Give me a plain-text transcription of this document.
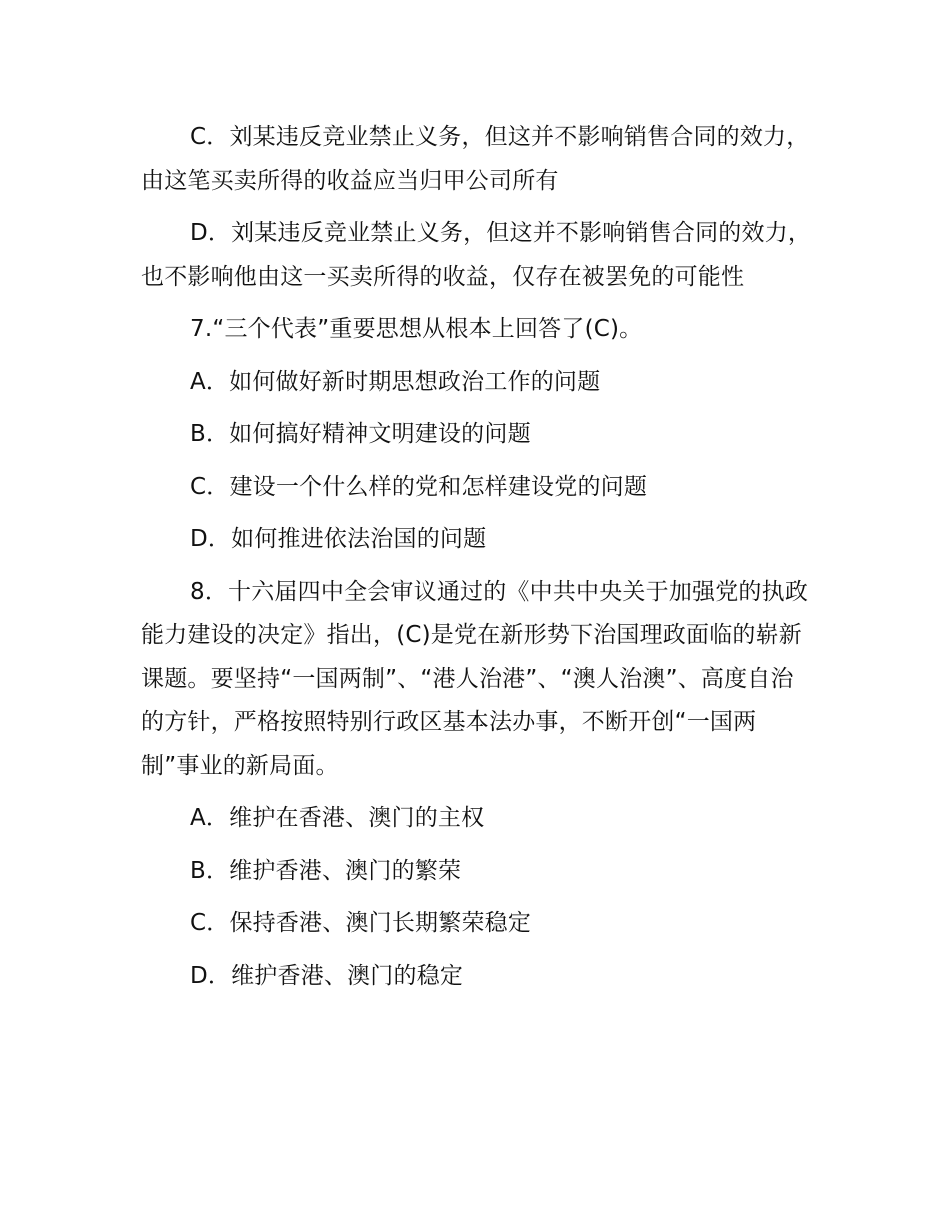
C．刘某违反竞业禁止义务，但这并不影响销售合同的效力，由这笔买卖所得的收益应当归甲公司所有

D．刘某违反竞业禁止义务，但这并不影响销售合同的效力，也不影响他由这一买卖所得的收益，仅存在被罢免的可能性

7.“三个代表”重要思想从根本上回答了(C)。

A．如何做好新时期思想政治工作的问题

B．如何搞好精神文明建设的问题

C．建设一个什么样的党和怎样建设党的问题

D．如何推进依法治国的问题

8．十六届四中全会审议通过的《中共中央关于加强党的执政能力建设的决定》指出，(C)是党在新形势下治国理政面临的崭新课题。要坚持“一国两制”、“港人治港”、“澳人治澳”、高度自治的方针，严格按照特别行政区基本法办事，不断开创“一国两制”事业的新局面。

A．维护在香港、澳门的主权

B．维护香港、澳门的繁荣

C．保持香港、澳门长期繁荣稳定

D．维护香港、澳门的稳定
